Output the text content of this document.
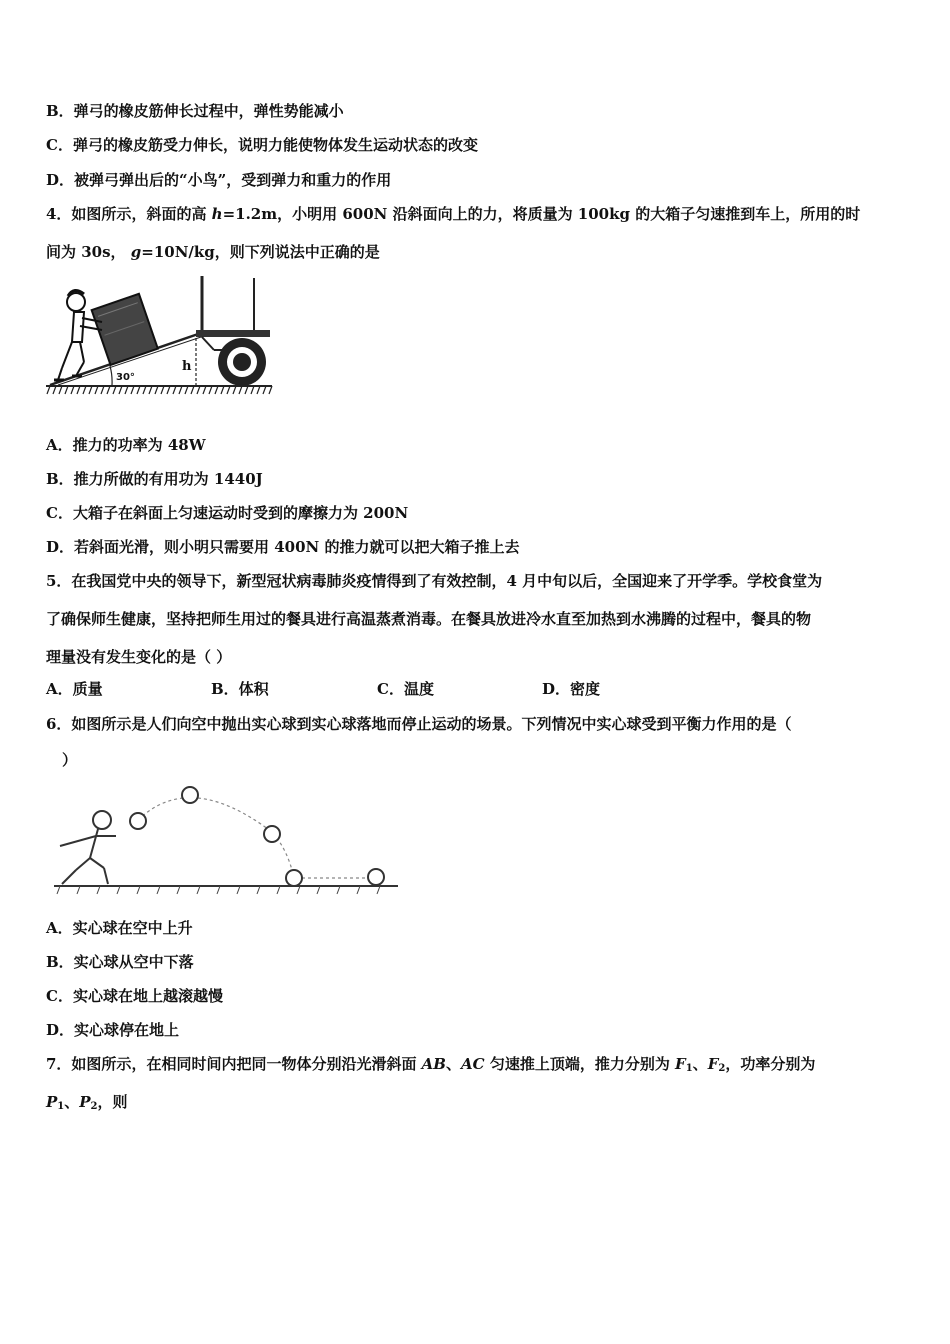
B．弹弓的橡皮筋伸长过程中，弹性势能减小
C．弹弓的橡皮筋受力伸长，说明力能使物体发生运动状态的改变
D．被弹弓弹出后的“小鸟”，受到弹力和重力的作用
4．如图所示，斜面的高 h=1.2m，小明用 600N 沿斜面向上的力，将质量为 100kg 的大箱子匀速推到车上，所用的时
间为 30s， g=10N/kg，则下列说法中正确的是
30°
h
A．推力的功率为 48W
B．推力所做的有用功为 1440J
C．大箱子在斜面上匀速运动时受到的摩擦力为 200N
D．若斜面光滑，则小明只需要用 400N 的推力就可以把大箱子推上去
5．在我国党中央的领导下，新型冠状病毒肺炎疫情得到了有效控制，4 月中旬以后，全国迎来了开学季。学校食堂为
了确保师生健康，坚持把师生用过的餐具进行高温蒸煮消毒。在餐具放进冷水直至加热到水沸腾的过程中，餐具的物
理量没有发生变化的是（ ）
A．质量	B．体积	C．温度	D．密度
6．如图所示是人们向空中抛出实心球到实心球落地而停止运动的场景。下列情况中实心球受到平衡力作用的是（
）
A．实心球在空中上升
B．实心球从空中下落
C．实心球在地上越滚越慢
D．实心球停在地上
7．如图所示，在相同时间内把同一物体分别沿光滑斜面 AB、AC 匀速推上顶端，推力分别为 $F_1$、$F_2$，功率分别为
$P_1$、$P_2$，则
